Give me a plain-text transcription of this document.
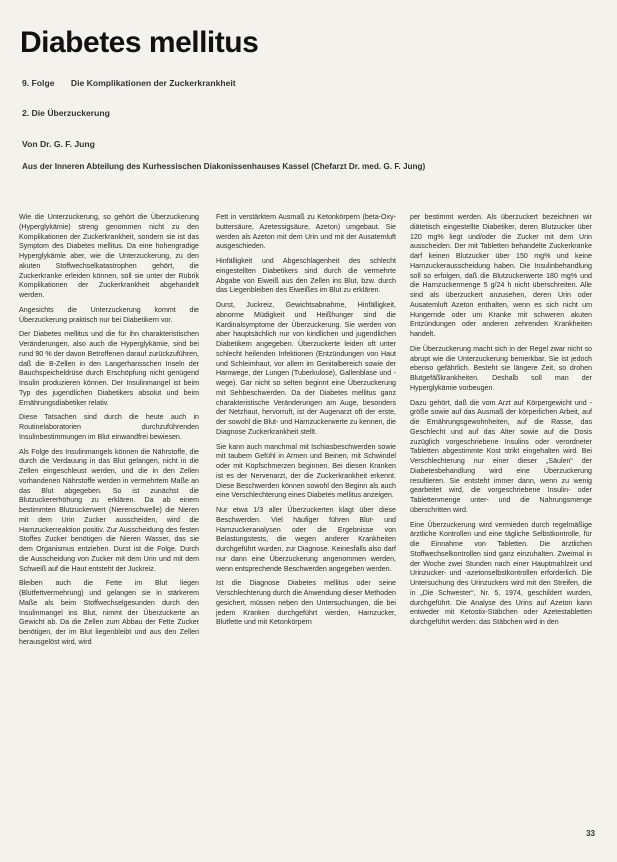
Diabetes mellitus
9. Folge Die Komplikationen der Zuckerkrankheit
2. Die Überzuckerung
Von Dr. G. F. Jung
Aus der Inneren Abteilung des Kurhessischen Diakonissenhauses Kassel (Chefarzt Dr. med. G. F. Jung)

Wie die Unterzuckerung, so gehört die Überzuckerung (Hyperglykämie) streng genommen nicht zu den Komplikationen der Zuckerkrankheit, sondern sie ist das Symptom des Diabetes mellitus. Da eine hohengradige Hyperglykämie aber, wie die Unterzuckerung, zu den akuten Stoffwechselkatastrophen gehört, die Zuckerkranke erleiden können, soll sie unter der Rubrik Komplikationen der Zuckerkrankheit abgehandelt werden.

Angesichts die Unterzuckerung kommt die Überzuckerung praktisch nur bei Diabetikern vor.

Der Diabetes mellitus und die für ihn charakteristischen Veränderungen, also auch die Hyperglykämie, sind bei rund 90 % der davon Betroffenen darauf zurückzuführen, daß die B-Zellen in den Langerhansschen Inseln der Bauchspeicheldrüse durch Erschöpfung nicht genügend Insulin produzieren können. Der Insulinmangel ist beim Typ des jugendlichen Diabetikers absolut und beim Ernährungsdiabetiker relativ.

Diese Tatsachen sind durch die heute auch in Routinelaboratorien durchzuführenden Insulinbestimmungen im Blut einwandfrei bewiesen.

Als Folge des Insulinmangels können die Nährstoffe, die durch die Verdauung in das Blut gelangen, nicht in die Zellen eingeschleust werden, und die in den Zellen vorhandenen Nährstoffe werden in vermehrtem Maße an das Blut abgegeben. So ist zunächst die Blutzuckererhöhung zu erklären. Da ab einem bestimmten Blutzuckerwert (Nierenschwelle) die Nieren mit dem Urin Zucker ausscheiden, wird die Harnzuckerreaktion positiv. Zur Ausscheidung des festen Stoffes Zucker benötigen die Nieren Wasser, das sie dem Organismus entziehen. Durst ist die Folge. Durch die Ausscheidung von Zucker mit dem Urin und mit dem Schweiß auf die Haut entsteht der Juckreiz.

Bleiben auch die Fette im Blut liegen (Blutfettvermehrung) und gelangen sie in stärkerem Maße als beim Stoffwechselgesunden durch den Insulinmangel ins Blut, nimmt der Überzuckerte an Gewicht ab. Da die Zellen zum Abbau der Fette Zucker benötigen, der im Blut liegenbleibt und aus den Zellen herausgelöst wird, wird

Fett in verstärktem Ausmaß zu Ketonkörpern (beta-Oxy-buttersäure, Azetessigsäure, Azeton) umgebaut. Sie werden als Azeton mit dem Urin und mit der Ausatemluft ausgeschieden.

Hinfälligkeit und Abgeschlagenheit des schlecht eingestellten Diabetikers sind durch die vermehrte Abgabe von Eiweiß aus den Zellen ins Blut, bzw. durch das Liegenbleiben des Eiweißes im Blut zu erklären.

Durst, Juckreiz, Gewichtsabnahme, Hinfälligkeit, abnorme Müdigkeit und Heißhunger sind die Kardinalsymptome der Überzuckerung. Sie werden von aber hauptsächlich nur von kindlichen und jugendlichen Diabetikern angegeben. Überzuckerte leiden oft unter schlecht heilenden Infektionen (Entzündungen von Haut und Schleimhaut, vor allem im Genitalbereich sowie der Harnwege, der Lungen (Tuberkulose), Gallenblase und -wege). Gar nicht so selten beginnt eine Überzuckerung mit Sehbeschwerden. Da der Diabetes mellitus ganz charakteristische Veränderungen am Auge, besonders der Netzhaut, hervorruft, ist der Augenarzt oft der erste, der sowohl die Blut- und Harnzuckerwerte zu kennen, die Diagnose Zuckerkrankheit stellt.

Sie kann auch manchmal mit Ischiasbeschwerden sowie mit taubem Gefühl in Armen und Beinen, mit Schwindel oder mit Kopfschmerzen beginnen. Bei diesen Kranken ist es der Nervenarzt, der die Zuckerkrankheit erkennt. Diese Beschwerden können sowohl den Beginn als auch eine Verschlechterung eines Diabetes mellitus anzeigen.

Nur etwa 1/3 aller Überzuckerten klagt über diese Beschwerden. Viel häufiger führen Blut- und Harnzuckeranalysen oder die Ergebnisse von Belastungstests, die wegen anderer Krankheiten durchgeführt wurden, zur Diagnose. Keinesfalls also darf nur dann eine Überzuckerung angenommen werden, wenn entsprechende Beschwerden angegeben werden.

Ist die Diagnose Diabetes mellitus oder seine Verschlechterung durch die Anwendung dieser Methoden gesichert, müssen neben den Untersuchungen, die bei jedem Kranken durchgeführt werden, Harnzucker, Blutfette und mit Ketonkörpern

per bestimmt werden. Als überzuckert bezeichnen wir diätetisch eingestellte Diabetiker, deren Blutzucker über 120 mg% liegt und/oder die Zucker mit dem Urin ausscheiden. Der mit Tabletten behandelte Zuckerkranke darf keinen Blutzucker über 150 mg% und keine Harnzuckerausscheidung haben. Die Insulinbehandlung soll so erfolgen, daß die Blutzuckerwerte 180 mg% und die Harnzuckermenge 5 g/24 h nicht überschreiten. Alle sind als überzuckert anzusehen, deren Urin oder Ausatemluft Azeton enthalten, wenn es sich nicht um Hungernde oder um Kranke mit schweren akuten Entzündungen oder anderen zehrenden Krankheiten handelt.

Die Überzuckerung macht sich in der Regel zwar nicht so abrupt wie die Unterzuckerung bemerkbar. Sie ist jedoch ebenso gefährlich. Besteht sie längere Zeit, so drohen Blutgefäßkrankheiten. Deshalb soll man der Hyperglykämie vorbeugen.

Dazu gehört, daß die vom Arzt auf Körpergewicht und -größe sowie auf das Ausmaß der körperlichen Arbeit, auf die Ernährungsgewohnheiten, auf die Rasse, das Geschlecht und auf das Alter sowie auf die Dosis zuzüglich vorgeschriebene Insulins oder verordneter Tabletten abgestimmte Kost strikt eingehalten wird. Bei Verschlechterung nur einer dieser „Säulen“ der Diabetesbehandlung wird eine Überzuckerung resultieren. Sie entsteht immer dann, wenn zu wenig gearbeitet wird, die vorgeschriebene Insulin- oder Tablettenmenge unter- und die Nahrungsmenge überschritten wird.

Eine Überzuckerung wird vermieden durch regelmäßige ärztliche Kontrollen und eine tägliche Selbstkontrolle, für die Einnahme von Tabletten. Die ärztlichen Stoffwechselkontrollen sind ganz einzuhalten. Zweimal in der Woche zwei Stunden nach einer Hauptmahlzeit und Urinzucker- und -azetonselbstkontrollen erforderlich. Die Untersuchung des Urinzuckers wird mit den Streifen, die in „Die Schwester“, Nr. 5, 1974, geschildert wurden, durchgeführt. Die Analyse des Urins auf Azeton kann entweder mit Ketostix-Stäbchen oder Azetestabletten durchgeführt werden: das Stäbchen wird in den

33
